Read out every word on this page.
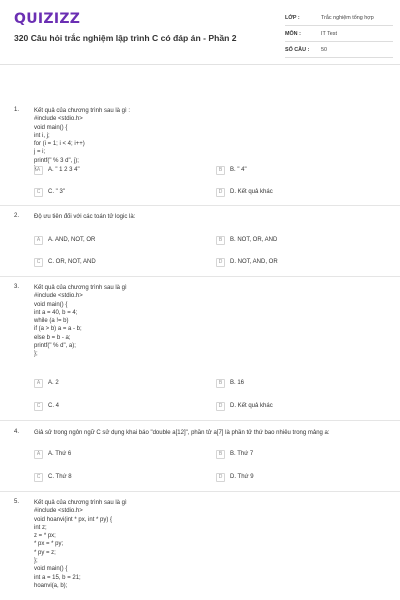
QUIZIZZ
320 Câu hỏi trắc nghiệm lập trình C có đáp án - Phần 2
LỚP :	Trắc nghiệm tổng hợp
MÔN :	IT Test
SỐ CÂU :	50
1. Kết quả của chương trình sau là gì :
#include <stdio.h>
void main() {
int i, j;
for (i = 1; i < 4; i++)
j = i;
printf(" % 3 d", j);
}; A	A. " 1 2 3 4"	B	B. " 4"
C	C. " 3"	D	D. Kết quả khác
2. Độ ưu tiên đối với các toán tử logic là:
A	A. AND, NOT, OR	B	B. NOT, OR, AND
C	C. OR, NOT, AND	D	D. NOT, AND, OR
3. Kết quả của chương trình sau là gì
#include <stdio.h>
void main() {
int a = 40, b = 4;
while (a != b)
if (a > b) a = a - b;
else b = b - a;
printf(" % d", a);
};
A	A. 2	B	B. 16
C	C. 4	D	D. Kết quả khác
4. Giả sử trong ngôn ngữ C sử dụng khai báo "double a[12]", phần tử a[7] là phần tử thứ bao nhiêu trong mảng a:
A	A. Thứ 6	B	B. Thứ 7
C	C. Thứ 8	D	D. Thứ 9
5. Kết quả của chương trình sau là gì
#include <stdio.h>
void hoanvi(int * px, int * py) {
int z;
z = * px;
* px = * py;
* py = z;
};
void main() {
int a = 15, b = 21;
hoanvi(a, b);
